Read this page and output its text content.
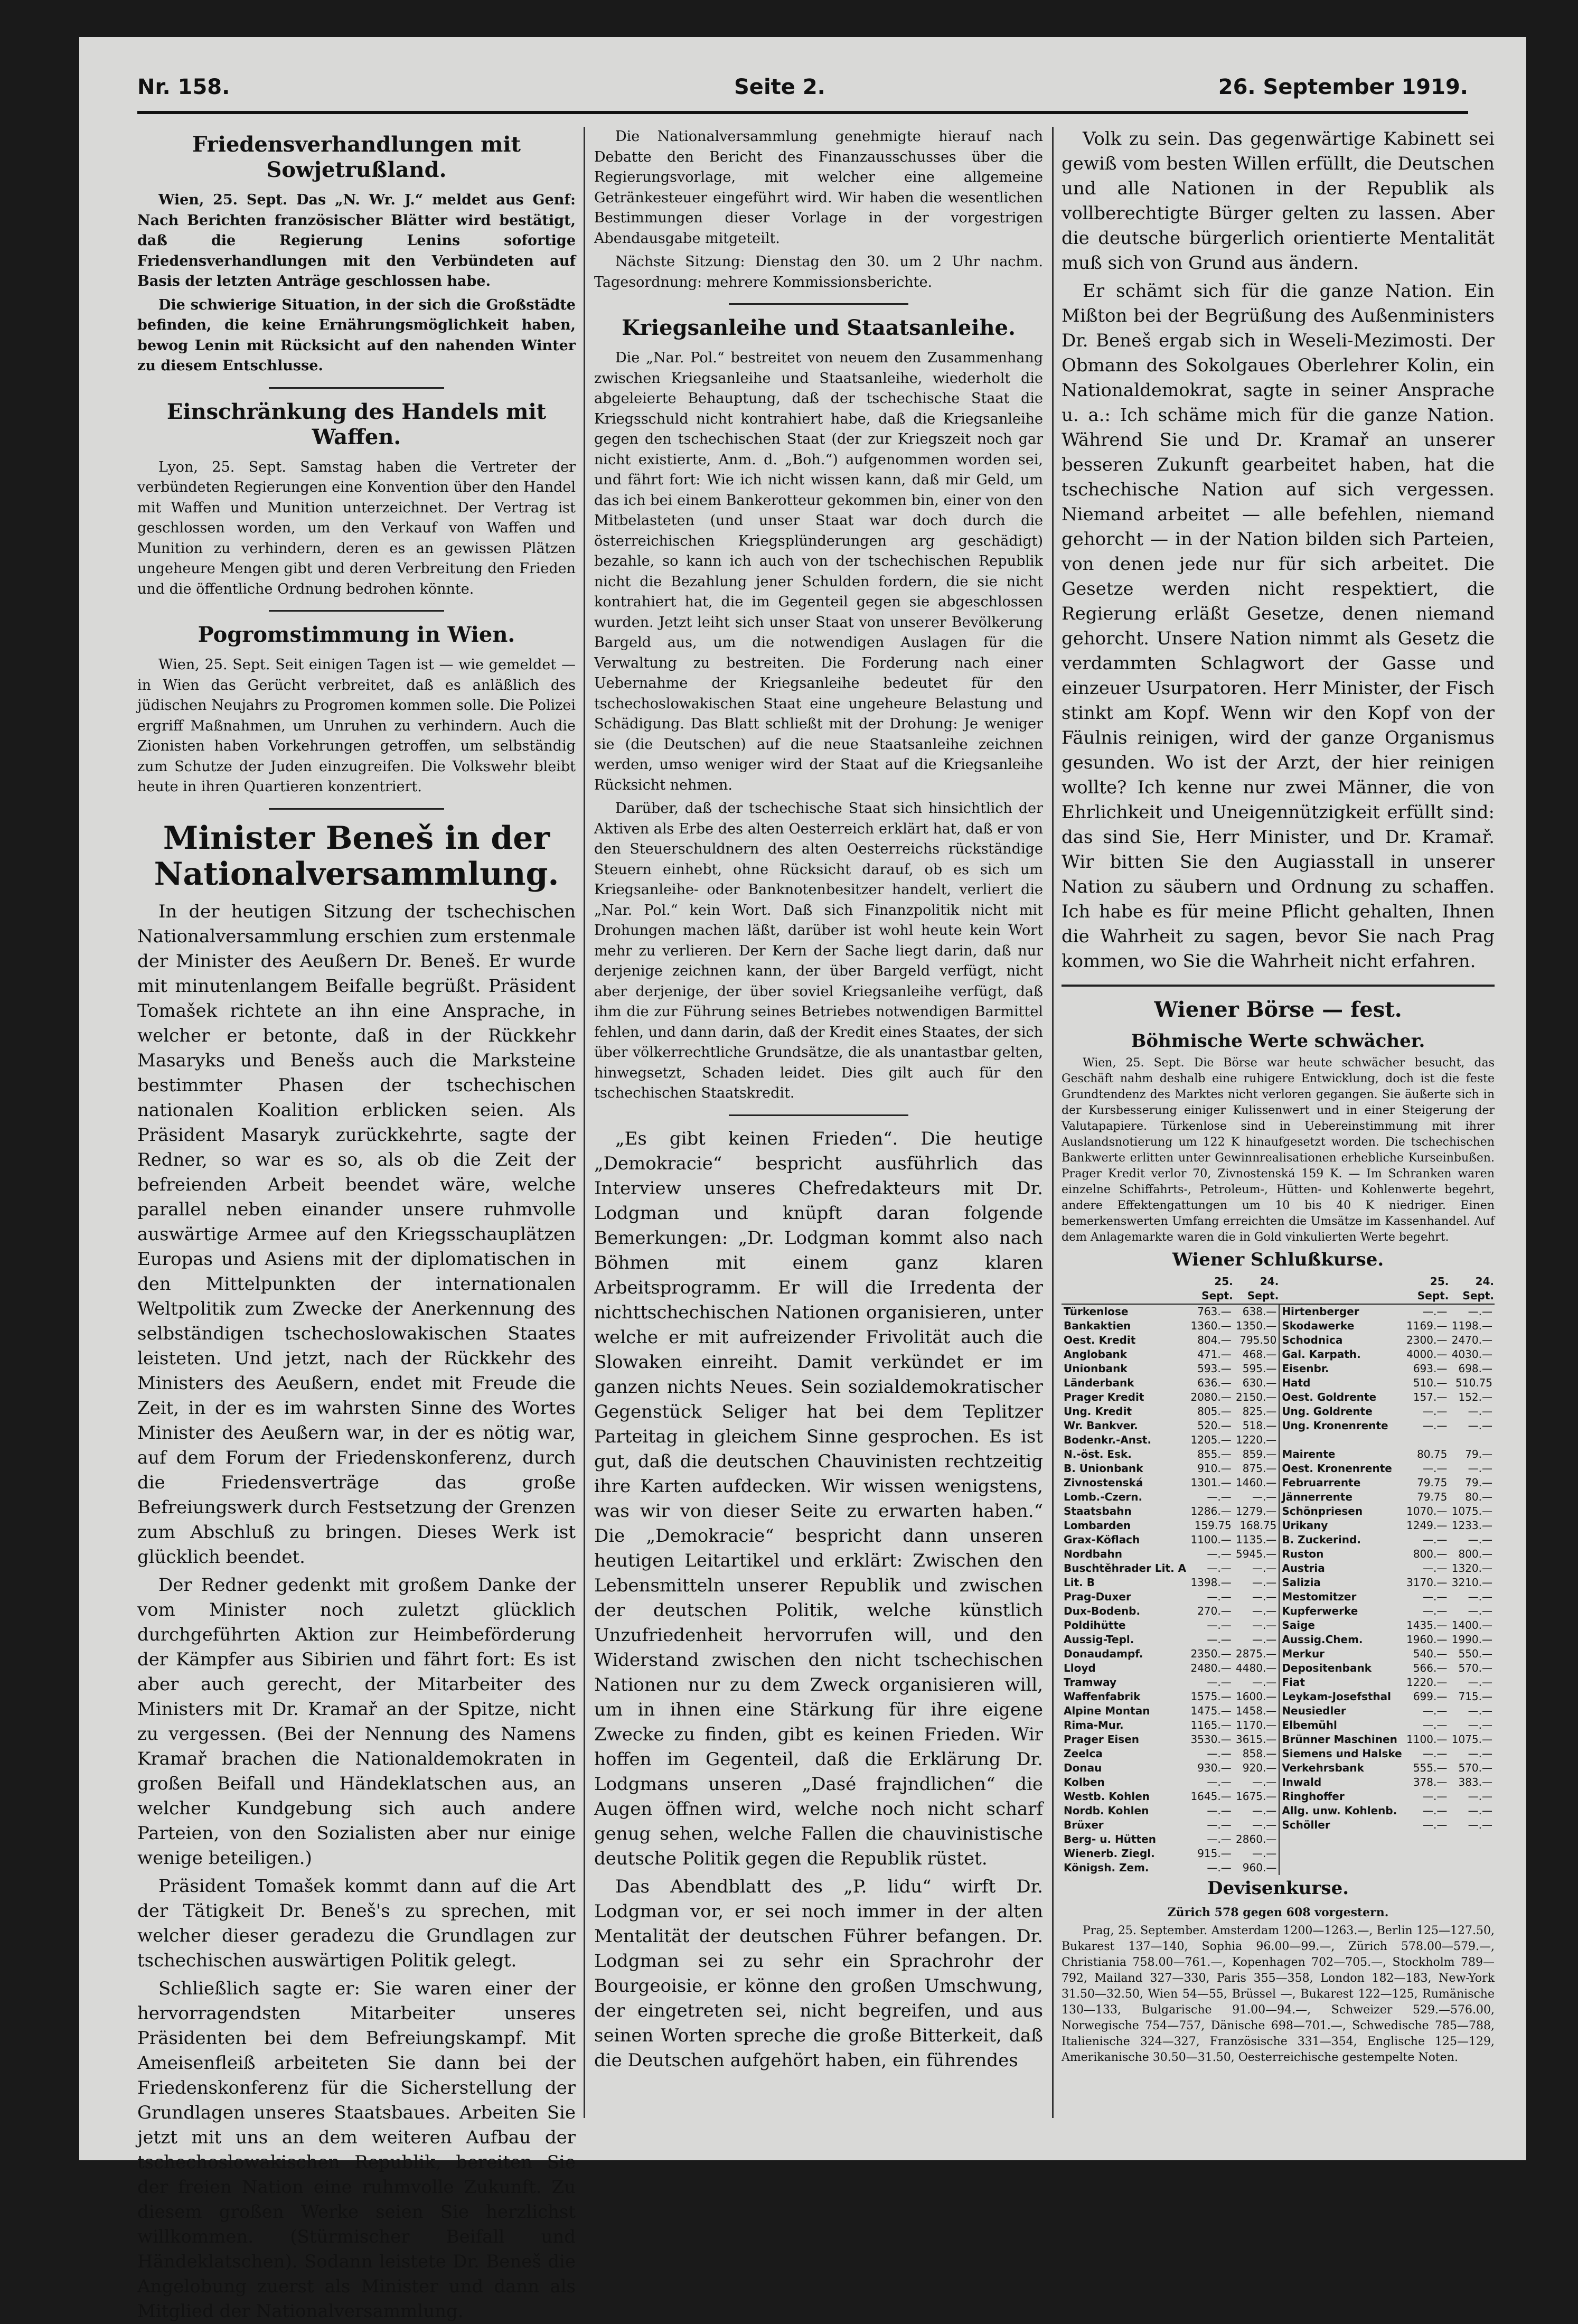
Nr. 158.	Seite 2.	26. September 1919.
Friedensverhandlungen mit Sowjetrußland.

Wien, 25. Sept. Das „N. Wr. J.“ meldet aus Genf: Nach Berichten französischer Blätter wird bestätigt, daß die Regierung Lenins sofortige Friedensverhandlungen mit den Verbündeten auf Basis der letzten Anträge geschlossen habe.

Die schwierige Situation, in der sich die Großstädte befinden, die keine Ernährungsmöglichkeit haben, bewog Lenin mit Rücksicht auf den nahenden Winter zu diesem Entschlusse.

Einschränkung des Handels mit Waffen.

Lyon, 25. Sept. Samstag haben die Vertreter der verbündeten Regierungen eine Konvention über den Handel mit Waffen und Munition unterzeichnet. Der Vertrag ist geschlossen worden, um den Verkauf von Waffen und Munition zu verhindern, deren es an gewissen Plätzen ungeheure Mengen gibt und deren Verbreitung den Frieden und die öffentliche Ordnung bedrohen könnte.

Pogromstimmung in Wien.

Wien, 25. Sept. Seit einigen Tagen ist — wie gemeldet — in Wien das Gerücht verbreitet, daß es anläßlich des jüdischen Neujahrs zu Progromen kommen solle. Die Polizei ergriff Maßnahmen, um Unruhen zu verhindern. Auch die Zionisten haben Vorkehrungen getroffen, um selbständig zum Schutze der Juden einzugreifen. Die Volkswehr bleibt heute in ihren Quartieren konzentriert.

Minister Beneš in der Nationalversammlung.

In der heutigen Sitzung der tschechischen Nationalversammlung erschien zum erstenmale der Minister des Aeußern Dr. Beneš. Er wurde mit minutenlangem Beifalle begrüßt. Präsident Tomašek richtete an ihn eine Ansprache, in welcher er betonte, daß in der Rückkehr Masaryks und Benešs auch die Marksteine bestimmter Phasen der tschechischen nationalen Koalition erblicken seien. Als Präsident Masaryk zurückkehrte, sagte der Redner, so war es so, als ob die Zeit der befreienden Arbeit beendet wäre, welche parallel neben einander unsere ruhmvolle auswärtige Armee auf den Kriegsschauplätzen Europas und Asiens mit der diplomatischen in den Mittelpunkten der internationalen Weltpolitik zum Zwecke der Anerkennung des selbständigen tschechoslowakischen Staates leisteten. Und jetzt, nach der Rückkehr des Ministers des Aeußern, endet mit Freude die Zeit, in der es im wahrsten Sinne des Wortes Minister des Aeußern war, in der es nötig war, auf dem Forum der Friedenskonferenz, durch die Friedensverträge das große Befreiungswerk durch Festsetzung der Grenzen zum Abschluß zu bringen. Dieses Werk ist glücklich beendet.

Der Redner gedenkt mit großem Danke der vom Minister noch zuletzt glücklich durchgeführten Aktion zur Heimbeförderung der Kämpfer aus Sibirien und fährt fort: Es ist aber auch gerecht, der Mitarbeiter des Ministers mit Dr. Kramař an der Spitze, nicht zu vergessen. (Bei der Nennung des Namens Kramař brachen die Nationaldemokraten in großen Beifall und Händeklatschen aus, an welcher Kundgebung sich auch andere Parteien, von den Sozialisten aber nur einige wenige beteiligen.)

Präsident Tomašek kommt dann auf die Art der Tätigkeit Dr. Beneš's zu sprechen, mit welcher dieser geradezu die Grundlagen zur tschechischen auswärtigen Politik gelegt.

Schließlich sagte er: Sie waren einer der hervorragendsten Mitarbeiter unseres Präsidenten bei dem Befreiungskampf. Mit Ameisenfleiß arbeiteten Sie dann bei der Friedenskonferenz für die Sicherstellung der Grundlagen unseres Staatsbaues. Arbeiten Sie jetzt mit uns an dem weiteren Aufbau der tschechoslowakischen Republik, bereiten Sie der freien Nation eine ruhmvolle Zukunft. Zu diesem großen Werke seien Sie herzlichst willkommen. (Stürmischer Beifall und Händeklatschen). Sodann leistete Dr. Beneš die Angelobung zuerst als Minister und dann als Mitglied der Nationalversammlung.

Die Nationalversammlung genehmigte hierauf nach Debatte den Bericht des Finanzausschusses über die Regierungsvorlage, mit welcher eine allgemeine Getränkesteuer eingeführt wird. Wir haben die wesentlichen Bestimmungen dieser Vorlage in der vorgestrigen Abendausgabe mitgeteilt.

Nächste Sitzung: Dienstag den 30. um 2 Uhr nachm. Tagesordnung: mehrere Kommissionsberichte.

Kriegsanleihe und Staatsanleihe.

Die „Nar. Pol.“ bestreitet von neuem den Zusammenhang zwischen Kriegsanleihe und Staatsanleihe, wiederholt die abgeleierte Behauptung, daß der tschechische Staat die Kriegsschuld nicht kontrahiert habe, daß die Kriegsanleihe gegen den tschechischen Staat (der zur Kriegszeit noch gar nicht existierte, Anm. d. „Boh.“) aufgenommen worden sei, und fährt fort: Wie ich nicht wissen kann, daß mir Geld, um das ich bei einem Bankerotteur gekommen bin, einer von den Mitbelasteten (und unser Staat war doch durch die österreichischen Kriegsplünderungen arg geschädigt) bezahle, so kann ich auch von der tschechischen Republik nicht die Bezahlung jener Schulden fordern, die sie nicht kontrahiert hat, die im Gegenteil gegen sie abgeschlossen wurden. Jetzt leiht sich unser Staat von unserer Bevölkerung Bargeld aus, um die notwendigen Auslagen für die Verwaltung zu bestreiten. Die Forderung nach einer Uebernahme der Kriegsanleihe bedeutet für den tschechoslowakischen Staat eine ungeheure Belastung und Schädigung. Das Blatt schließt mit der Drohung: Je weniger sie (die Deutschen) auf die neue Staatsanleihe zeichnen werden, umso weniger wird der Staat auf die Kriegsanleihe Rücksicht nehmen.

Darüber, daß der tschechische Staat sich hinsichtlich der Aktiven als Erbe des alten Oesterreich erklärt hat, daß er von den Steuerschuldnern des alten Oesterreichs rückständige Steuern einhebt, ohne Rücksicht darauf, ob es sich um Kriegsanleihe- oder Banknotenbesitzer handelt, verliert die „Nar. Pol.“ kein Wort. Daß sich Finanzpolitik nicht mit Drohungen machen läßt, darüber ist wohl heute kein Wort mehr zu verlieren. Der Kern der Sache liegt darin, daß nur derjenige zeichnen kann, der über Bargeld verfügt, nicht aber derjenige, der über soviel Kriegsanleihe verfügt, daß ihm die zur Führung seines Betriebes notwendigen Barmittel fehlen, und dann darin, daß der Kredit eines Staates, der sich über völkerrechtliche Grundsätze, die als unantastbar gelten, hinwegsetzt, Schaden leidet. Dies gilt auch für den tschechischen Staatskredit.

„Es gibt keinen Frieden“. Die heutige „Demokracie“ bespricht ausführlich das Interview unseres Chefredakteurs mit Dr. Lodgman und knüpft daran folgende Bemerkungen: „Dr. Lodgman kommt also nach Böhmen mit einem ganz klaren Arbeitsprogramm. Er will die Irredenta der nichttschechischen Nationen organisieren, unter welche er mit aufreizender Frivolität auch die Slowaken einreiht. Damit verkündet er im ganzen nichts Neues. Sein sozialdemokratischer Gegenstück Seliger hat bei dem Teplitzer Parteitag in gleichem Sinne gesprochen. Es ist gut, daß die deutschen Chauvinisten rechtzeitig ihre Karten aufdecken. Wir wissen wenigstens, was wir von dieser Seite zu erwarten haben.“ Die „Demokracie“ bespricht dann unseren heutigen Leitartikel und erklärt: Zwischen den Lebensmitteln unserer Republik und zwischen der deutschen Politik, welche künstlich Unzufriedenheit hervorrufen will, und den Widerstand zwischen den nicht tschechischen Nationen nur zu dem Zweck organisieren will, um in ihnen eine Stärkung für ihre eigene Zwecke zu finden, gibt es keinen Frieden. Wir hoffen im Gegenteil, daß die Erklärung Dr. Lodgmans unseren „Dasé frajndlichen“ die Augen öffnen wird, welche noch nicht scharf genug sehen, welche Fallen die chauvinistische deutsche Politik gegen die Republik rüstet.

Das Abendblatt des „P. lidu“ wirft Dr. Lodgman vor, er sei noch immer in der alten Mentalität der deutschen Führer befangen. Dr. Lodgman sei zu sehr ein Sprachrohr der Bourgeoisie, er könne den großen Umschwung, der eingetreten sei, nicht begreifen, und aus seinen Worten spreche die große Bitterkeit, daß die Deutschen aufgehört haben, ein führendes

Volk zu sein. Das gegenwärtige Kabinett sei gewiß vom besten Willen erfüllt, die Deutschen und alle Nationen in der Republik als vollberechtigte Bürger gelten zu lassen. Aber die deutsche bürgerlich orientierte Mentalität muß sich von Grund aus ändern.

Er schämt sich für die ganze Nation. Ein Mißton bei der Begrüßung des Außenministers Dr. Beneš ergab sich in Weseli-Mezimosti. Der Obmann des Sokolgaues Oberlehrer Kolin, ein Nationaldemokrat, sagte in seiner Ansprache u. a.: Ich schäme mich für die ganze Nation. Während Sie und Dr. Kramař an unserer besseren Zukunft gearbeitet haben, hat die tschechische Nation auf sich vergessen. Niemand arbeitet — alle befehlen, niemand gehorcht — in der Nation bilden sich Parteien, von denen jede nur für sich arbeitet. Die Gesetze werden nicht respektiert, die Regierung erläßt Gesetze, denen niemand gehorcht. Unsere Nation nimmt als Gesetz die verdammten Schlagwort der Gasse und einzeuer Usurpatoren. Herr Minister, der Fisch stinkt am Kopf. Wenn wir den Kopf von der Fäulnis reinigen, wird der ganze Organismus gesunden. Wo ist der Arzt, der hier reinigen wollte? Ich kenne nur zwei Männer, die von Ehrlichkeit und Uneigennützigkeit erfüllt sind: das sind Sie, Herr Minister, und Dr. Kramař. Wir bitten Sie den Augiasstall in unserer Nation zu säubern und Ordnung zu schaffen. Ich habe es für meine Pflicht gehalten, Ihnen die Wahrheit zu sagen, bevor Sie nach Prag kommen, wo Sie die Wahrheit nicht erfahren.

Wiener Börse — fest.
Böhmische Werte schwächer.

Wien, 25. Sept. Die Börse war heute schwächer besucht, das Geschäft nahm deshalb eine ruhigere Entwicklung, doch ist die feste Grundtendenz des Marktes nicht verloren gegangen. Sie äußerte sich in der Kursbesserung einiger Kulissenwert und in einer Steigerung der Valutapapiere. Türkenlose sind in Uebereinstimmung mit ihrer Auslandsnotierung um 122 K hinaufgesetzt worden. Die tschechischen Bankwerte erlitten unter Gewinnrealisationen erhebliche Kurseinbußen. Prager Kredit verlor 70, Zivnostenská 159 K. — Im Schranken waren einzelne Schiffahrts-, Petroleum-, Hütten- und Kohlenwerte begehrt, andere Effektengattungen um 10 bis 40 K niedriger. Einen bemerkenswerten Umfang erreichten die Umsätze im Kassenhandel. Auf dem Anlagemarkte waren die in Gold vinkulierten Werte begehrt.

Wiener Schlußkurse.
	25. Sept.	24. Sept.		25. Sept.	24. Sept.
Türkenlose	763.—	638.—	Hirtenberger	—.—	—.—
Bankaktien	1360.—	1350.—	Skodawerke	1169.—	1198.—
Oest. Kredit	804.—	795.50	Schodnica	2300.—	2470.—
Anglobank	471.—	468.—	Gal. Karpath.	4000.—	4030.—
Unionbank	593.—	595.—	Eisenbr.	693.—	698.—
Länderbank	636.—	630.—	Hatd	510.—	510.75
Prager Kredit	2080.—	2150.—	Oest. Goldrente	157.—	152.—
Ung. Kredit	805.—	825.—	Ung. Goldrente	—.—	—.—
Wr. Bankver.	520.—	518.—	Ung. Kronenrente	—.—	—.—
Bodenkr.-Anst.	1205.—	1220.—			
N.-öst. Esk.	855.—	859.—	Mairente	80.75	79.—
B. Unionbank	910.—	875.—	Oest. Kronenrente	—.—	—.—
Zivnostenská	1301.—	1460.—	Februarrente	79.75	79.—
Lomb.-Czern.	—.—	—.—	Jännerrente	79.75	80.—
Staatsbahn	1286.—	1279.—	Schönpriesen	1070.—	1075.—
Lombarden	159.75	168.75	Urikany	1249.—	1233.—
Grax-Köflach	1100.—	1135.—	B. Zuckerind.	—.—	—.—
Nordbahn	—.—	5945.—	Ruston	800.—	800.—
Buschtěhrader Lit. A	—.—	—.—	Austria	—.—	1320.—
Lit. B	1398.—	—.—	Salizia	3170.—	3210.—
Prag-Duxer	—.—	—.—	Mestomitzer	—.—	—.—
Dux-Bodenb.	270.—	—.—	Kupferwerke	—.—	—.—
Poldihütte	—.—	—.—	Saige	1435.—	1400.—
Aussig-Tepl.	—.—	—.—	Aussig.Chem.	1960.—	1990.—
Donaudampf.	2350.—	2875.—	Merkur	540.—	550.—
Lloyd	2480.—	4480.—	Depositenbank	566.—	570.—
Tramway	—.—	—.—	Fiat	1220.—	—.—
Waffenfabrik	1575.—	1600.—	Leykam-Josefsthal	699.—	715.—
Alpine Montan	1475.—	1458.—	Neusiedler	—.—	—.—
Rima-Mur.	1165.—	1170.—	Elbemühl	—.—	—.—
Prager Eisen	3530.—	3615.—	Brünner Maschinen	1100.—	1075.—
Zeelca	—.—	858.—	Siemens und Halske	—.—	—.—
Donau	930.—	920.—	Verkehrsbank	555.—	570.—
Kolben	—.—	—.—	Inwald	378.—	383.—
Westb. Kohlen	1645.—	1675.—	Ringhoffer	—.—	—.—
Nordb. Kohlen	—.—	—.—	Allg. unw. Kohlenb.	—.—	—.—
Brüxer	—.—	—.—	Schöller	—.—	—.—
Berg- u. Hütten	—.—	2860.—			
Wienerb. Ziegl.	915.—	—.—			
Königsh. Zem.	—.—	960.—			
Devisenkurse.
Zürich 578 gegen 608 vorgestern.

Prag, 25. September. Amsterdam 1200—1263.—, Berlin 125—127.50, Bukarest 137—140, Sophia 96.00—99.—, Zürich 578.00—579.—, Christiania 758.00—761.—, Kopenhagen 702—705.—, Stockholm 789—792, Mailand 327—330, Paris 355—358, London 182—183, New-York 31.50—32.50, Wien 54—55, Brüssel —, Bukarest 122—125, Rumänische 130—133, Bulgarische 91.00—94.—, Schweizer 529.—576.00, Norwegische 754—757, Dänische 698—701.—, Schwedische 785—788, Italienische 324—327, Französische 331—354, Englische 125—129, Amerikanische 30.50—31.50, Oesterreichische gestempelte Noten.
